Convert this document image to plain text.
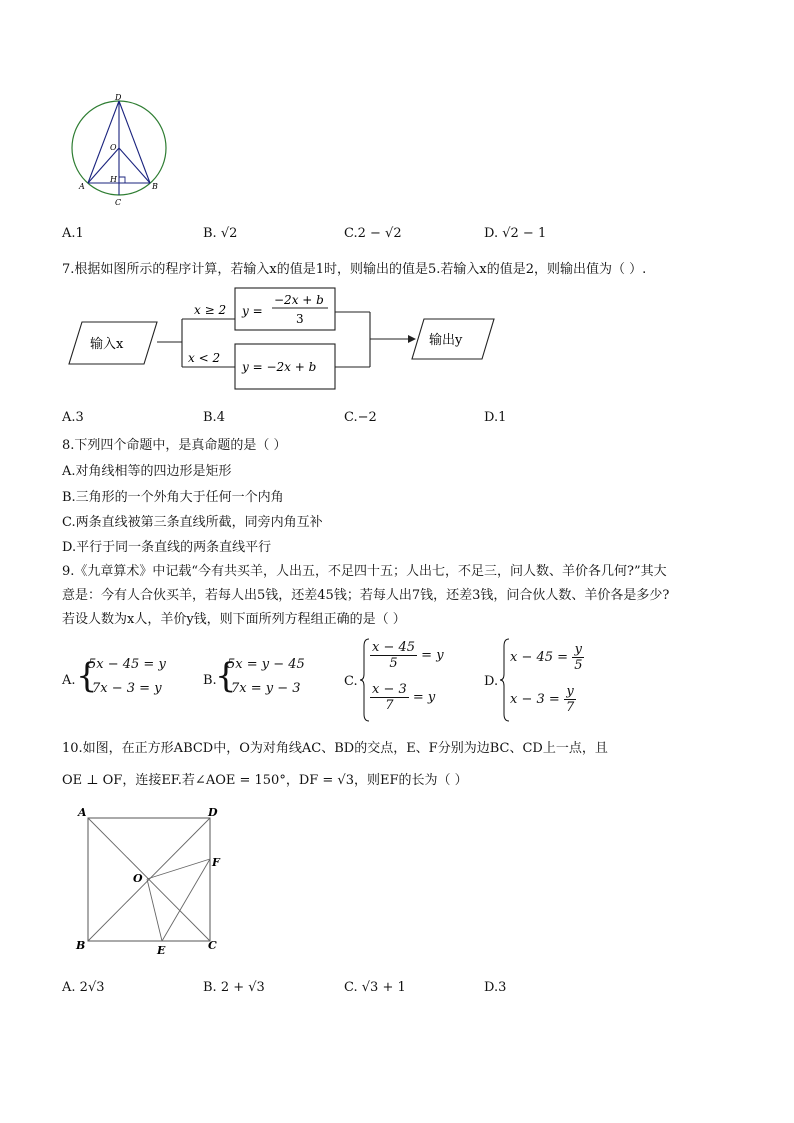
D
O
A
H
B
C
A.1	B. √2	C.2 − √2	D. √2 − 1
7.根据如图所示的程序计算，若输入x的值是1时，则输出的值是5.若输入x的值是2，则输出值为（ ）.
输入x
x ≥ 2
x < 2
y =
−2x + b
3
y = −2x + b
输出y
A.3	B.4	C.−2	D.1
8.下列四个命题中，是真命题的是（ ）
A.对角线相等的四边形是矩形
B.三角形的一个外角大于任何一个内角
C.两条直线被第三条直线所截，同旁内角互补
D.平行于同一条直线的两条直线平行
9.《九章算术》中记载“今有共买羊，人出五，不足四十五；人出七，不足三，问人数、羊价各几何?”其大
意是：今有人合伙买羊，若每人出5钱，还差45钱；若每人出7钱，还差3钱，问合伙人数、羊价各是多少?
若设人数为x人，羊价y钱，则下面所列方程组正确的是（ ）
A. {
5x − 45 = y
7x − 3 = y
B.
{
5x = y − 45
7x = y − 3	C.
$\frac{x - 45}{5} = y$
$\frac{x - 3}{7} = y$
D.
$x - 45 = \frac{y}{5}$
$x - 3 = \frac{y}{7}$
10.如图，在正方形ABCD中，O为对角线AC、BD的交点，E、F分别为边BC、CD上一点，且
OE ⊥ OF，连接EF.若∠AOE = 150°，DF = √3，则EF的长为（ ）
A	D
F
O
B	E	C
A. 2√3	B. 2 + √3	C. √3 + 1	D.3
